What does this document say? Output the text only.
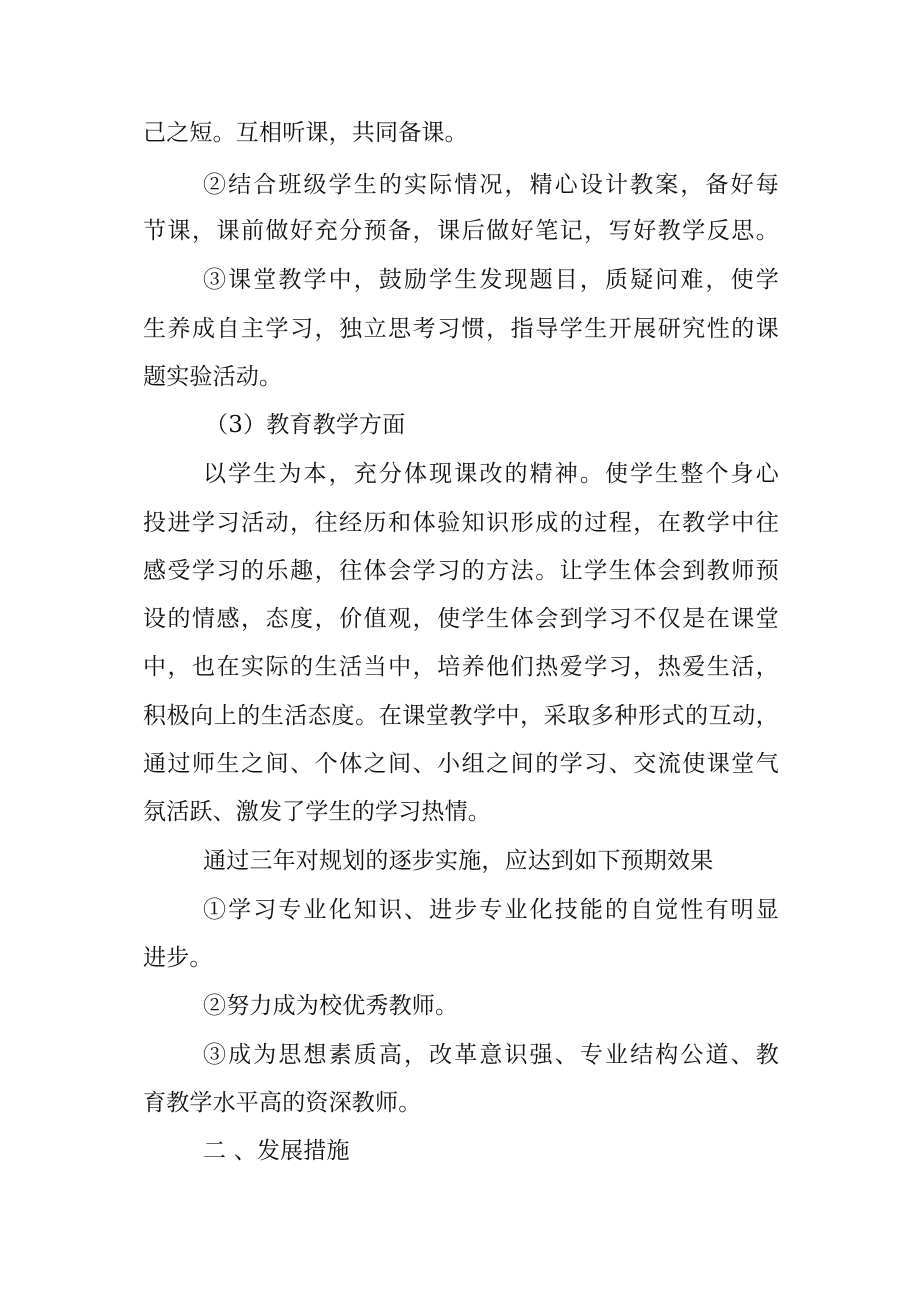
己之短。互相听课，共同备课。
②结合班级学生的实际情况，精心设计教案，备好每
节课，课前做好充分预备，课后做好笔记，写好教学反思。
③课堂教学中，鼓励学生发现题目，质疑问难，使学
生养成自主学习，独立思考习惯，指导学生开展研究性的课
题实验活动。
（3）教育教学方面
以学生为本，充分体现课改的精神。使学生整个身心
投进学习活动，往经历和体验知识形成的过程，在教学中往
感受学习的乐趣，往体会学习的方法。让学生体会到教师预
设的情感，态度，价值观，使学生体会到学习不仅是在课堂
中，也在实际的生活当中，培养他们热爱学习，热爱生活，
积极向上的生活态度。在课堂教学中，采取多种形式的互动，
通过师生之间、个体之间、小组之间的学习、交流使课堂气
氛活跃、激发了学生的学习热情。
通过三年对规划的逐步实施，应达到如下预期效果
①学习专业化知识、进步专业化技能的自觉性有明显
进步。
②努力成为校优秀教师。
③成为思想素质高，改革意识强、专业结构公道、教
育教学水平高的资深教师。
二 、发展措施
